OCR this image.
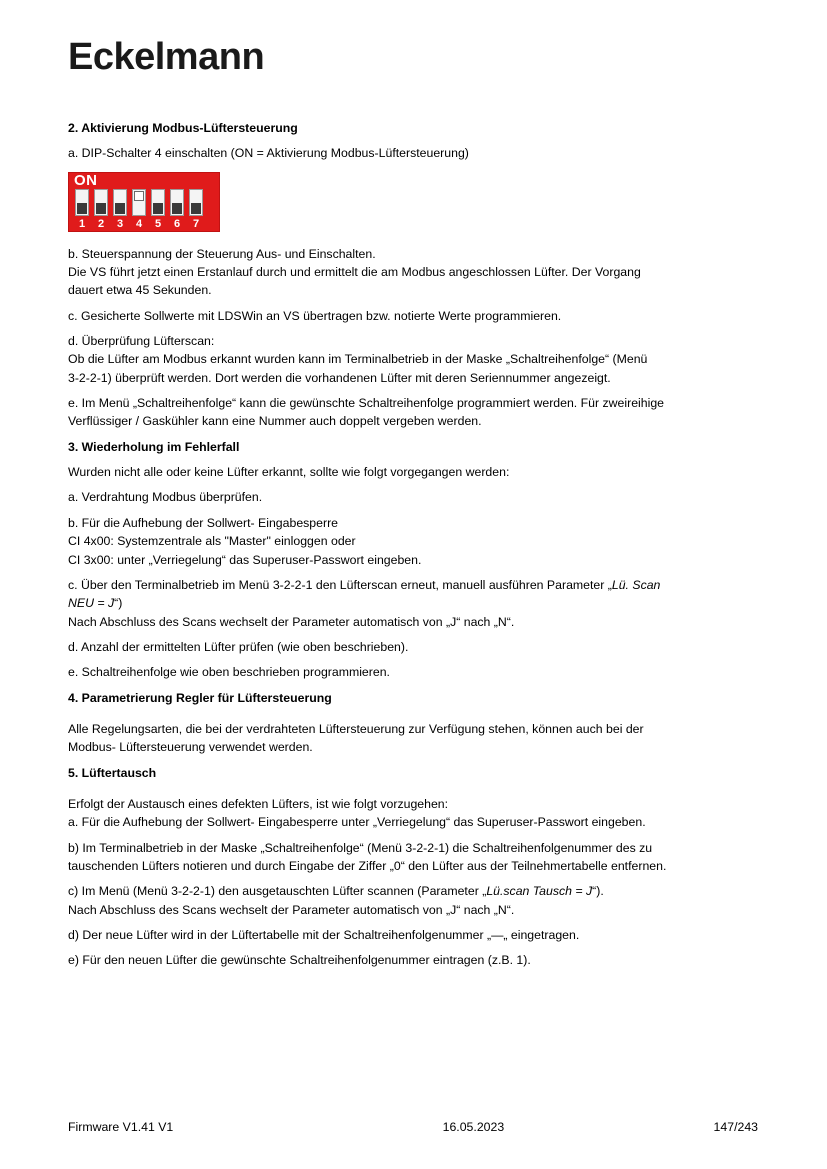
Eckelmann

2. Aktivierung Modbus-Lüftersteuerung

a. DIP-Schalter 4 einschalten (ON = Aktivierung Modbus-Lüftersteuerung)

ON
1	2	3	4	5	6	7

b. Steuerspannung der Steuerung Aus- und Einschalten.

Die VS führt jetzt einen Erstanlauf durch und ermittelt die am Modbus angeschlossen Lüfter. Der Vorgang

dauert etwa 45 Sekunden.

c. Gesicherte Sollwerte mit LDSWin an VS übertragen bzw. notierte Werte programmieren.

d. Überprüfung Lüfterscan:

Ob die Lüfter am Modbus erkannt wurden kann im Terminalbetrieb in der Maske „Schaltreihenfolge“ (Menü

3-2-2-1) überprüft werden. Dort werden die vorhandenen Lüfter mit deren Seriennummer angezeigt.

e. Im Menü „Schaltreihenfolge“ kann die gewünschte Schaltreihenfolge programmiert werden. Für zweireihige

Verflüssiger / Gaskühler kann eine Nummer auch doppelt vergeben werden.

3. Wiederholung im Fehlerfall

Wurden nicht alle oder keine Lüfter erkannt, sollte wie folgt vorgegangen werden:

a. Verdrahtung Modbus überprüfen.

b. Für die Aufhebung der Sollwert- Eingabesperre

CI 4x00: Systemzentrale als "Master" einloggen oder

CI 3x00: unter „Verriegelung“ das Superuser-Passwort eingeben.

c. Über den Terminalbetrieb im Menü 3-2-2-1 den Lüfterscan erneut, manuell ausführen Parameter „Lü. Scan

NEU = J“)

Nach Abschluss des Scans wechselt der Parameter automatisch von „J“ nach „N“.

d. Anzahl der ermittelten Lüfter prüfen (wie oben beschrieben).

e. Schaltreihenfolge wie oben beschrieben programmieren.

4. Parametrierung Regler für Lüftersteuerung

Alle Regelungsarten, die bei der verdrahteten Lüftersteuerung zur Verfügung stehen, können auch bei der

Modbus- Lüftersteuerung verwendet werden.

5. Lüftertausch

Erfolgt der Austausch eines defekten Lüfters, ist wie folgt vorzugehen:

a. Für die Aufhebung der Sollwert- Eingabesperre unter „Verriegelung“ das Superuser-Passwort eingeben.

b) Im Terminalbetrieb in der Maske „Schaltreihenfolge“ (Menü 3-2-2-1) die Schaltreihenfolgenummer des zu

tauschenden Lüfters notieren und durch Eingabe der Ziffer „0“ den Lüfter aus der Teilnehmertabelle entfernen.

c) Im Menü (Menü 3-2-2-1) den ausgetauschten Lüfter scannen (Parameter „Lü.scan Tausch = J“).

Nach Abschluss des Scans wechselt der Parameter automatisch von „J“ nach „N“.

d) Der neue Lüfter wird in der Lüftertabelle mit der Schaltreihenfolgenummer „—„ eingetragen.

e) Für den neuen Lüfter die gewünschte Schaltreihenfolgenummer eintragen (z.B. 1).

Firmware V1.41 V1	16.05.2023	147/243
